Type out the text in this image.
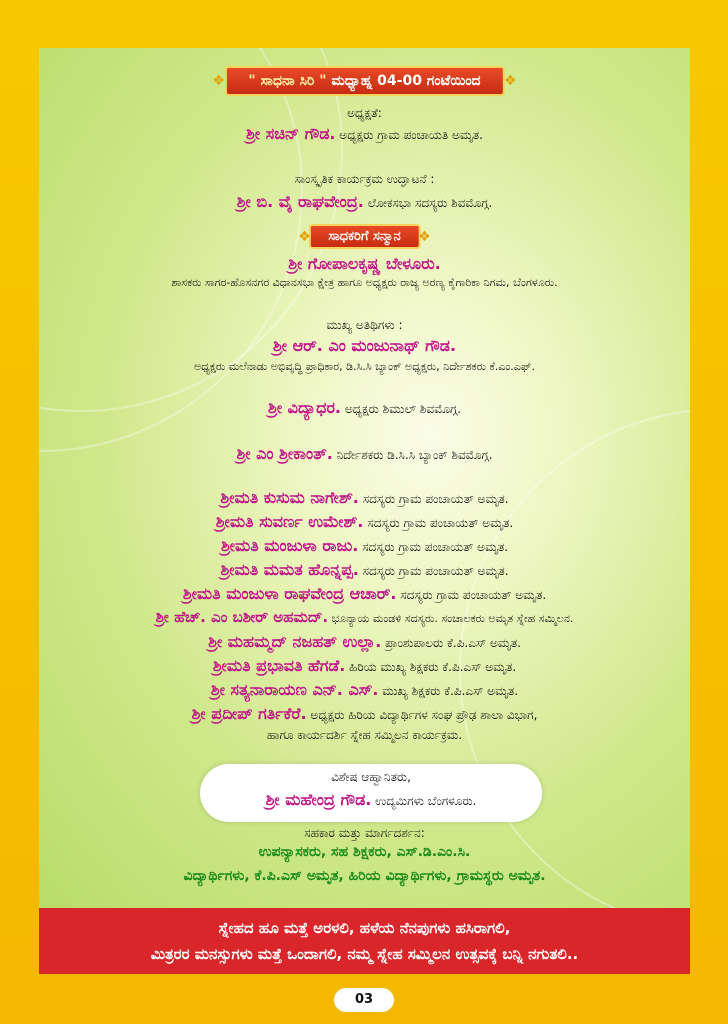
❖ " ಸಾಧನಾ ಸಿರಿ " ಮಧ್ಯಾಹ್ನ 04-00 ಗಂಟೆಯಿಂದ ❖
ಅಧ್ಯಕ್ಷತೆ:
ಶ್ರೀ ಸಚಿನ್ ಗೌಡ. ಅಧ್ಯಕ್ಷರು ಗ್ರಾಮ ಪಂಚಾಯತಿ ಅಮೃತ.
ಸಾಂಸ್ಕೃತಿಕ ಕಾರ್ಯಕ್ರಮ ಉದ್ಘಾಟನೆ :
ಶ್ರೀ ಬಿ. ವೈ ರಾಘವೇಂದ್ರ. ಲೋಕಸಭಾ ಸದಸ್ಯರು ಶಿವಮೊಗ್ಗ.
❖ ಸಾಧಕರಿಗೆ ಸನ್ಮಾನ ❖
ಶ್ರೀ ಗೋಪಾಲಕೃಷ್ಣ ಬೇಳೂರು.
ಶಾಸಕರು ಸಾಗರ-ಹೊಸನಗರ ವಿಧಾನಸಭಾ ಕ್ಷೇತ್ರ ಹಾಗೂ ಅಧ್ಯಕ್ಷರು ರಾಜ್ಯ ಅರಣ್ಯ ಕೈಗಾರಿಕಾ ನಿಗಮ, ಬೆಂಗಳೂರು.
ಮುಖ್ಯ ಅತಿಥಿಗಳು :
ಶ್ರೀ ಆರ್. ಎಂ ಮಂಜುನಾಥ್ ಗೌಡ.
ಅಧ್ಯಕ್ಷರು ಮಲೆನಾಡು ಅಭಿವೃದ್ಧಿ ಪ್ರಾಧಿಕಾರ, ಡಿ.ಸಿ.ಸಿ ಬ್ಯಾಂಕ್ ಅಧ್ಯಕ್ಷರು, ನಿರ್ದೇಶಕರು ಕೆ.ಎಂ.ಎಫ್.
ಶ್ರೀ ವಿದ್ಯಾಧರ. ಅಧ್ಯಕ್ಷರು ಶಿಮುಲ್ ಶಿವಮೊಗ್ಗ.
ಶ್ರೀ ಎಂ ಶ್ರೀಕಾಂತ್. ನಿರ್ದೇಶಕರು ಡಿ.ಸಿ.ಸಿ ಬ್ಯಾಂಕ್ ಶಿವಮೊಗ್ಗ.
ಶ್ರೀಮತಿ ಕುಸುಮ ನಾಗೇಶ್. ಸದಸ್ಯರು ಗ್ರಾಮ ಪಂಚಾಯತ್ ಅಮೃತ.
ಶ್ರೀಮತಿ ಸುವರ್ಣ ಉಮೇಶ್. ಸದಸ್ಯರು ಗ್ರಾಮ ಪಂಚಾಯತ್ ಅಮೃತ.
ಶ್ರೀಮತಿ ಮಂಜುಳಾ ರಾಜು. ಸದಸ್ಯರು ಗ್ರಾಮ ಪಂಚಾಯತ್ ಅಮೃತ.
ಶ್ರೀಮತಿ ಮಮತ ಹೊನ್ನಪ್ಪ. ಸದಸ್ಯರು ಗ್ರಾಮ ಪಂಚಾಯತ್ ಅಮೃತ.
ಶ್ರೀಮತಿ ಮಂಜುಳಾ ರಾಘವೇಂದ್ರ ಆಚಾರ್. ಸದಸ್ಯರು ಗ್ರಾಮ ಪಂಚಾಯತ್ ಅಮೃತ.
ಶ್ರೀ ಹೆಚ್. ಎಂ ಬಶೀರ್ ಅಹಮದ್. ಭೂನ್ಯಾಯ ಮಂಡಳಿ ಸದಸ್ಯರು. ಸಂಚಾಲಕರು ಅಮೃತ ಸ್ನೇಹ ಸಮ್ಮಿಲನ.
ಶ್ರೀ ಮಹಮ್ಮದ್ ನಜಹತ್ ಉಲ್ಲಾ. ಪ್ರಾಂಶುಪಾಲರು ಕೆ.ಪಿ.ಎಸ್ ಅಮೃತ.
ಶ್ರೀಮತಿ ಪ್ರಭಾವತಿ ಹೆಗಡೆ. ಹಿರಿಯ ಮುಖ್ಯ ಶಿಕ್ಷಕರು ಕೆ.ಪಿ.ಎಸ್ ಅಮೃತ.
ಶ್ರೀ ಸತ್ಯನಾರಾಯಣ ಎನ್. ಎಸ್. ಮುಖ್ಯ ಶಿಕ್ಷಕರು ಕೆ.ಪಿ.ಎಸ್ ಅಮೃತ.
ಶ್ರೀ ಪ್ರದೀಪ್ ಗರ್ತಿಕೆರೆ. ಅಧ್ಯಕ್ಷರು ಹಿರಿಯ ವಿದ್ಯಾರ್ಥಿಗಳ ಸಂಘ ಪ್ರೌಢ ಶಾಲಾ ವಿಭಾಗ,
ಹಾಗೂ ಕಾರ್ಯದರ್ಶಿ ಸ್ನೇಹ ಸಮ್ಮಿಲನ ಕಾರ್ಯಕ್ರಮ.
ಸಹಕಾರ ಮತ್ತು ಮಾರ್ಗದರ್ಶನ:
ಉಪನ್ಯಾಸಕರು, ಸಹ ಶಿಕ್ಷಕರು, ಎಸ್.ಡಿ.ಎಂ.ಸಿ.
ವಿದ್ಯಾರ್ಥಿಗಳು, ಕೆ.ಪಿ.ಎಸ್ ಅಮೃತ, ಹಿರಿಯ ವಿದ್ಯಾರ್ಥಿಗಳು, ಗ್ರಾಮಸ್ಥರು ಅಮೃತ.
ವಿಶೇಷ ಆಹ್ವಾನಿತರು,
ಶ್ರೀ ಮಹೇಂದ್ರ ಗೌಡ. ಉದ್ಯಮಿಗಳು ಬೆಂಗಳೂರು.
ಸ್ನೇಹದ ಹೂ ಮತ್ತೆ ಅರಳಲಿ, ಹಳೆಯ ನೆನಪುಗಳು ಹಸಿರಾಗಲಿ,
ಮಿತ್ರರರ ಮನಸ್ಸುಗಳು ಮತ್ತೆ ಒಂದಾಗಲಿ, ನಮ್ಮ ಸ್ನೇಹ ಸಮ್ಮಿಲನ ಉತ್ಸವಕ್ಕೆ ಬನ್ನಿ ನಗುತಲಿ..
03
